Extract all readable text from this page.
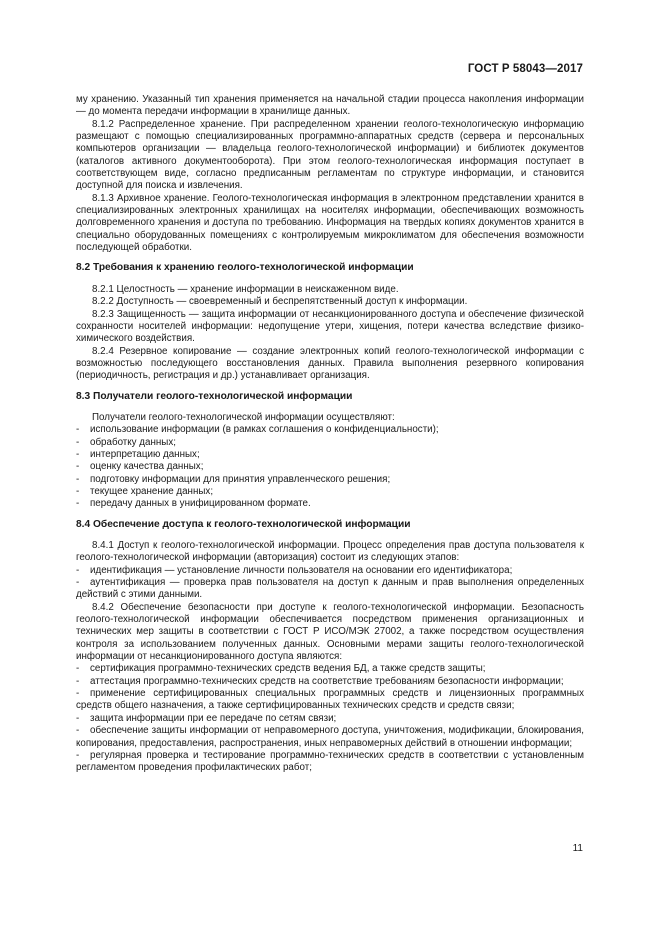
ГОСТ Р 58043—2017

му хранению. Указанный тип хранения применяется на начальной стадии процесса накопления информации — до момента передачи информации в хранилище данных.

8.1.2 Распределенное хранение. При распределенном хранении геолого-технологическую информацию размещают с помощью специализированных программно-аппаратных средств (сервера и персональных компьютеров организации — владельца геолого-технологической информации) и библиотек документов (каталогов активного документооборота). При этом геолого-технологическая информация поступает в соответствующем виде, согласно предписанным регламентам по структуре информации, и становится доступной для поиска и извлечения.

8.1.3 Архивное хранение. Геолого-технологическая информация в электронном представлении хранится в специализированных электронных хранилищах на носителях информации, обеспечивающих возможность долговременного хранения и доступа по требованию. Информация на твердых копиях документов хранится в специально оборудованных помещениях с контролируемым микроклиматом для обеспечения возможности последующей обработки.

8.2 Требования к хранению геолого-технологической информации

8.2.1 Целостность — хранение информации в неискаженном виде.

8.2.2 Доступность — своевременный и беспрепятственный доступ к информации.

8.2.3 Защищенность — защита информации от несанкционированного доступа и обеспечение физической сохранности носителей информации: недопущение утери, хищения, потери качества вследствие физико-химического воздействия.

8.2.4 Резервное копирование — создание электронных копий геолого-технологической информации с возможностью последующего восстановления данных. Правила выполнения резервного копирования (периодичность, регистрация и др.) устанавливает организация.

8.3 Получатели геолого-технологической информации

Получатели геолого-технологической информации осуществляют:

- использование информации (в рамках соглашения о конфиденциальности);
- обработку данных;
- интерпретацию данных;
- оценку качества данных;
- подготовку информации для принятия управленческого решения;
- текущее хранение данных;
- передачу данных в унифицированном формате.
8.4 Обеспечение доступа к геолого-технологической информации

8.4.1 Доступ к геолого-технологической информации. Процесс определения прав доступа пользователя к геолого-технологической информации (авторизация) состоит из следующих этапов:

- идентификация — установление личности пользователя на основании его идентификатора;
- аутентификация — проверка прав пользователя на доступ к данным и прав выполнения определенных действий с этими данными.

8.4.2 Обеспечение безопасности при доступе к геолого-технологической информации. Безопасность геолого-технологической информации обеспечивается посредством применения организационных и технических мер защиты в соответствии с ГОСТ Р ИСО/МЭК 27002, а также посредством осуществления контроля за использованием полученных данных. Основными мерами защиты геолого-технологической информации от несанкционированного доступа являются:

- сертификация программно-технических средств ведения БД, а также средств защиты;
- аттестация программно-технических средств на соответствие требованиям безопасности информации;
- применение сертифицированных специальных программных средств и лицензионных программных средств общего назначения, а также сертифицированных технических средств и средств связи;
- защита информации при ее передаче по сетям связи;
- обеспечение защиты информации от неправомерного доступа, уничтожения, модификации, блокирования, копирования, предоставления, распространения, иных неправомерных действий в отношении информации;
- регулярная проверка и тестирование программно-технических средств в соответствии с установленным регламентом проведения профилактических работ;
11
